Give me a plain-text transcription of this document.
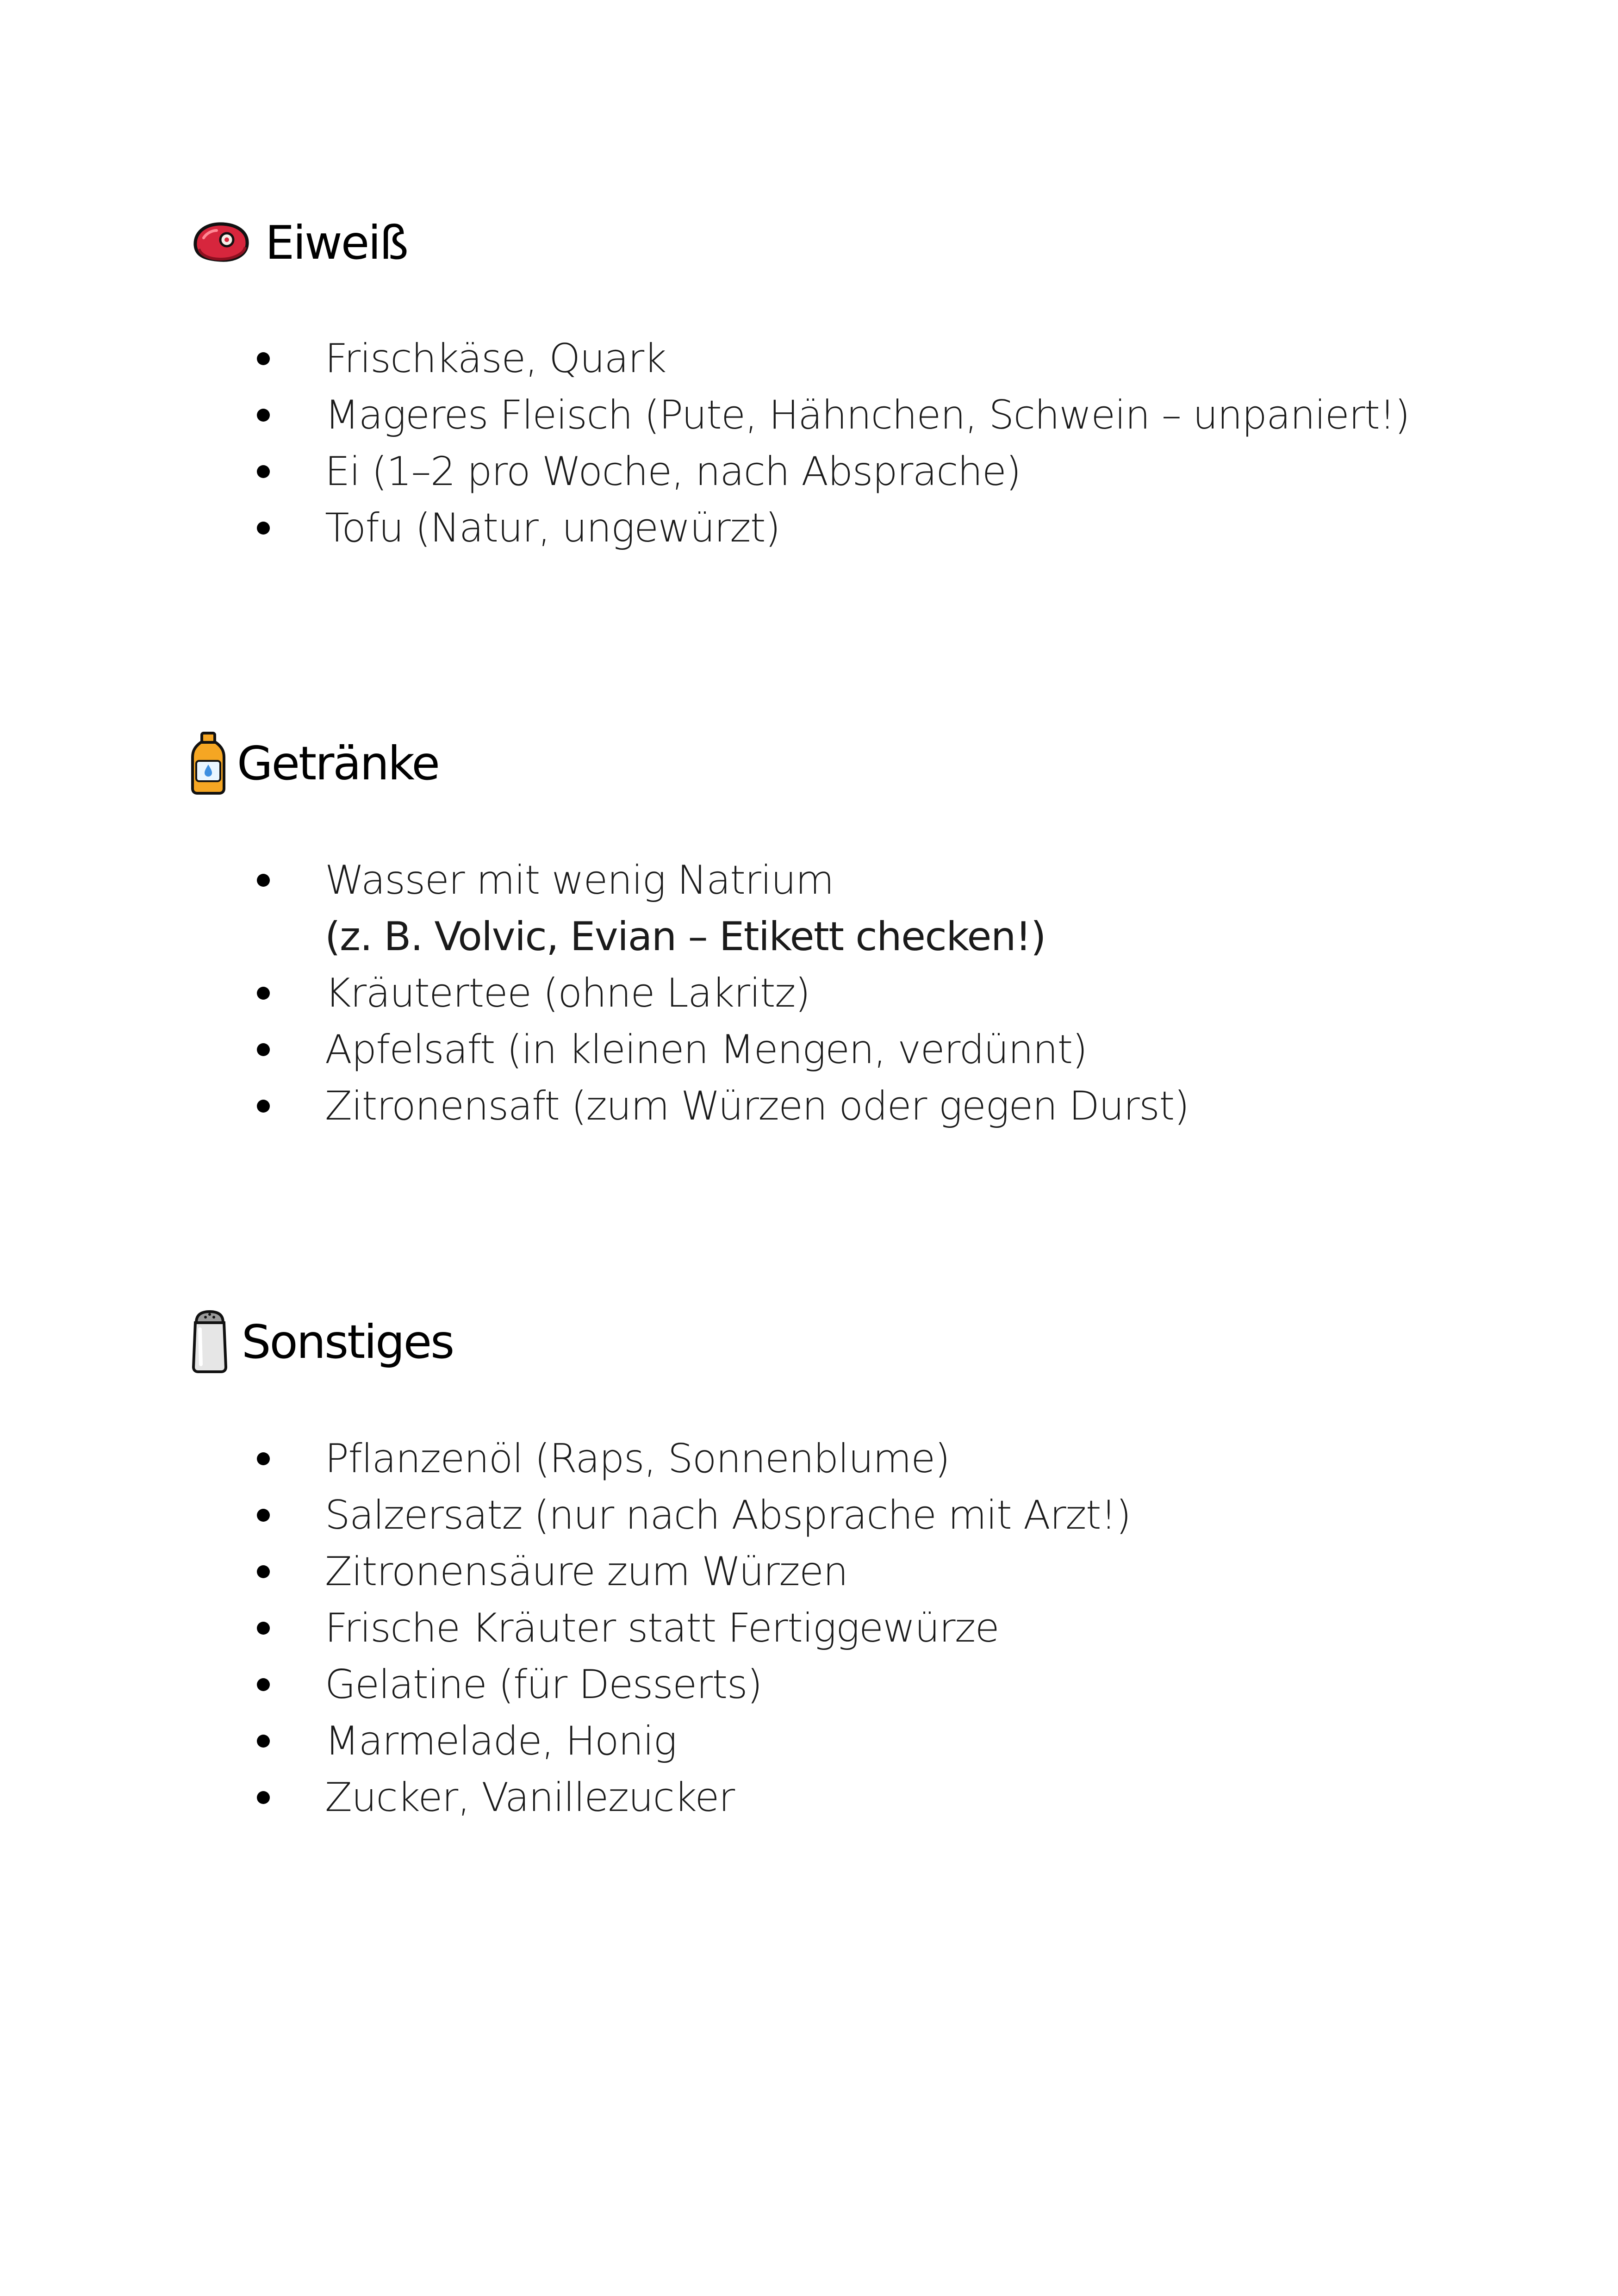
Eiweiß
Frischkäse, Quark
Mageres Fleisch (Pute, Hähnchen, Schwein – unpaniert!)
Ei (1–2 pro Woche, nach Absprache)
Tofu (Natur, ungewürzt)
Getränke
Wasser mit wenig Natrium
(z. B. Volvic, Evian – Etikett checken!)
Kräutertee (ohne Lakritz)
Apfelsaft (in kleinen Mengen, verdünnt)
Zitronensaft (zum Würzen oder gegen Durst)
Sonstiges
Pflanzenöl (Raps, Sonnenblume)
Salzersatz (nur nach Absprache mit Arzt!)
Zitronensäure zum Würzen
Frische Kräuter statt Fertiggewürze
Gelatine (für Desserts)
Marmelade, Honig
Zucker, Vanillezucker
